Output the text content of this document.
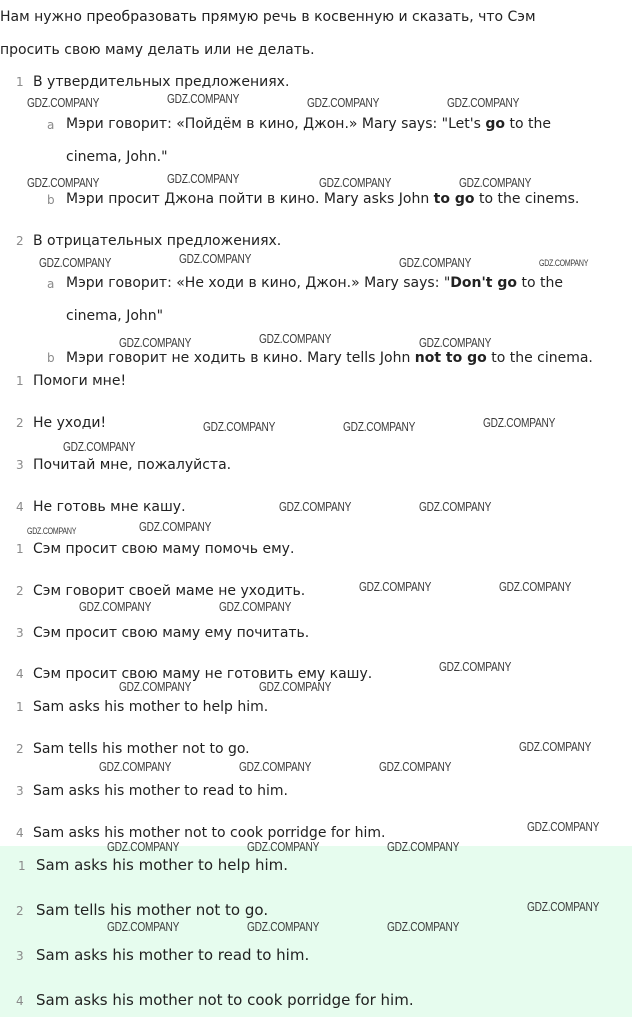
Нам нужно преобразовать прямую речь в косвенную и сказать, что Сэм
просить свою маму делать или не делать.
1 В утвердительных предложениях.
a Мэри говорит: «Пойдём в кино, Джон.» Mary says: "Let's go to the
cinema, John."
b Мэри просит Джона пойти в кино. Mary asks John to go to the cinems.
2 В отрицательных предложениях.
a Мэри говорит: «Не ходи в кино, Джон.» Mary says: "Don't go to the
cinema, John"
b Мэри говорит не ходить в кино. Mary tells John not to go to the cinema.
1 Помоги мне!
2 Не уходи!
3 Почитай мне, пожалуйста.
4 Не готовь мне кашу.
1 Сэм просит свою маму помочь ему.
2 Сэм говорит своей маме не уходить.
3 Сэм просит свою маму ему почитать.
4 Сэм просит свою маму не готовить ему кашу.
1 Sam asks his mother to help him.
2 Sam tells his mother not to go.
3 Sam asks his mother to read to him.
4 Sam asks his mother not to cook porridge for him.
1 Sam asks his mother to help him.
2 Sam tells his mother not to go.
3 Sam asks his mother to read to him.
4 Sam asks his mother not to cook porridge for him.
GDZ.COMPANY	GDZ.COMPANY	GDZ.COMPANY	GDZ.COMPANY
GDZ.COMPANY	GDZ.COMPANY	GDZ.COMPANY	GDZ.COMPANY
GDZ.COMPANY	GDZ.COMPANY	GDZ.COMPANY	GDZ.COMPANY
GDZ.COMPANY	GDZ.COMPANY	GDZ.COMPANY
GDZ.COMPANY	GDZ.COMPANY	GDZ.COMPANY
GDZ.COMPANY
GDZ.COMPANY	GDZ.COMPANY
GDZ.COMPANY	GDZ.COMPANY
GDZ.COMPANY	GDZ.COMPANY
GDZ.COMPANY	GDZ.COMPANY
GDZ.COMPANY
GDZ.COMPANY	GDZ.COMPANY
GDZ.COMPANY
GDZ.COMPANY	GDZ.COMPANY	GDZ.COMPANY
GDZ.COMPANY
GDZ.COMPANY	GDZ.COMPANY	GDZ.COMPANY
GDZ.COMPANY
GDZ.COMPANY	GDZ.COMPANY	GDZ.COMPANY
